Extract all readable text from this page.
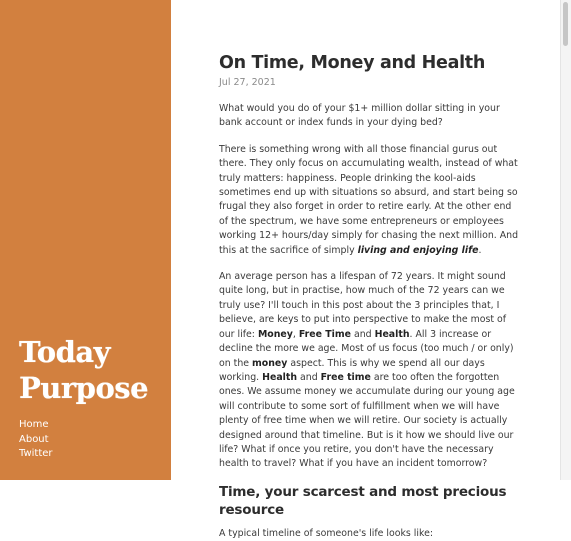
Today
Purpose
Home
About
Twitter
On Time, Money and Health

Jul 27, 2021

What would you do of your $1+ million dollar sitting in your bank account or index funds in your dying bed?

There is something wrong with all those financial gurus out there. They only focus on accumulating wealth, instead of what truly matters: happiness. People drinking the kool-aids sometimes end up with situations so absurd, and start being so frugal they also forget in order to retire early. At the other end of the spectrum, we have some entrepreneurs or employees working 12+ hours/day simply for chasing the next million. And this at the sacrifice of simply living and enjoying life.

An average person has a lifespan of 72 years. It might sound quite long, but in practise, how much of the 72 years can we truly use? I'll touch in this post about the 3 principles that, I believe, are keys to put into perspective to make the most of our life: Money, Free Time and Health. All 3 increase or decline the more we age. Most of us focus (too much / or only) on the money aspect. This is why we spend all our days working. Health and Free time are too often the forgotten ones. We assume money we accumulate during our young age will contribute to some sort of fulfillment when we will have plenty of free time when we will retire. Our society is actually designed around that timeline. But is it how we should live our life? What if once you retire, you don't have the necessary health to travel? What if you have an incident tomorrow?

Time, your scarcest and most precious resource

A typical timeline of someone's life looks like:
